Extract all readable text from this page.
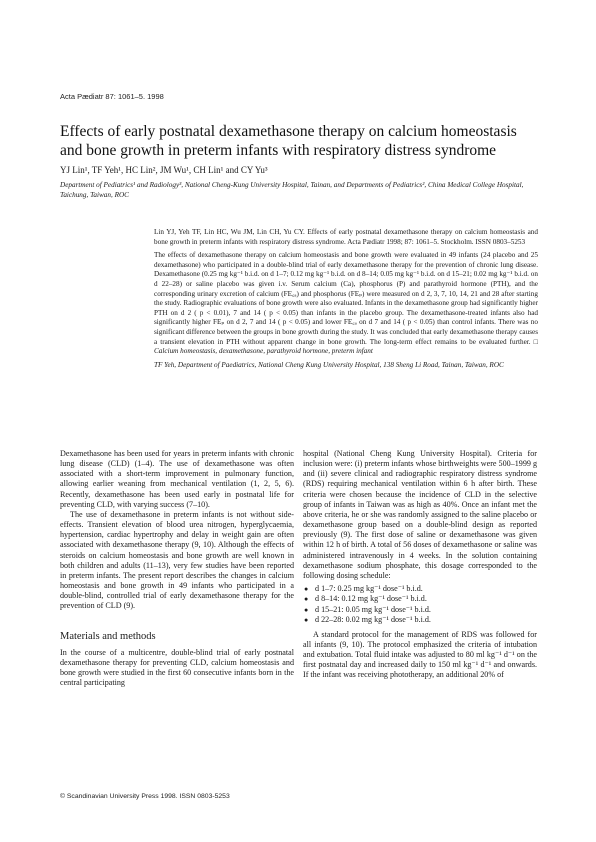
Acta Pædiatr 87: 1061–5. 1998
Effects of early postnatal dexamethasone therapy on calcium homeostasis and bone growth in preterm infants with respiratory distress syndrome
YJ Lin¹, TF Yeh¹, HC Lin², JM Wu¹, CH Lin¹ and CY Yu³
Department of Pediatrics¹ and Radiology³, National Cheng-Kung University Hospital, Tainan, and Departments of Pediatrics², China Medical College Hospital, Taichung, Taiwan, ROC

Lin YJ, Yeh TF, Lin HC, Wu JM, Lin CH, Yu CY. Effects of early postnatal dexamethasone therapy on calcium homeostasis and bone growth in preterm infants with respiratory distress syndrome. Acta Pædiatr 1998; 87: 1061–5. Stockholm. ISSN 0803–5253

The effects of dexamethasone therapy on calcium homeostasis and bone growth were evaluated in 49 infants (24 placebo and 25 dexamethasone) who participated in a double-blind trial of early dexamethasone therapy for the prevention of chronic lung disease. Dexamethasone (0.25 mg kg⁻¹ b.i.d. on d 1–7; 0.12 mg kg⁻¹ b.i.d. on d 8–14; 0.05 mg kg⁻¹ b.i.d. on d 15–21; 0.02 mg kg⁻¹ b.i.d. on d 22–28) or saline placebo was given i.v. Serum calcium (Ca), phosphorus (P) and parathyroid hormone (PTH), and the corresponding urinary excretion of calcium (FE꜀ₐ) and phosphorus (FEₚ) were measured on d 2, 3, 7, 10, 14, 21 and 28 after starting the study. Radiographic evaluations of bone growth were also evaluated. Infants in the dexamethasone group had significantly higher PTH on d 2 ( p < 0.01), 7 and 14 ( p < 0.05) than infants in the placebo group. The dexamethasone-treated infants also had significantly higher FEₚ on d 2, 7 and 14 ( p < 0.05) and lower FE꜀ₐ on d 7 and 14 ( p < 0.05) than control infants. There was no significant difference between the groups in bone growth during the study. It was concluded that early dexamethasone therapy causes a transient elevation in PTH without apparent change in bone growth. The long-term effect remains to be evaluated further. □ Calcium homeostasis, dexamethasone, parathyroid hormone, preterm infant

TF Yeh, Department of Paediatrics, National Cheng Kung University Hospital, 138 Sheng Li Road, Tainan, Taiwan, ROC

Dexamethasone has been used for years in preterm infants with chronic lung disease (CLD) (1–4). The use of dexamethasone was often associated with a short-term improvement in pulmonary function, allowing earlier weaning from mechanical ventilation (1, 2, 5, 6). Recently, dexamethasone has been used early in postnatal life for preventing CLD, with varying success (7–10).

The use of dexamethasone in preterm infants is not without side-effects. Transient elevation of blood urea nitrogen, hyperglycaemia, hypertension, cardiac hypertrophy and delay in weight gain are often associated with dexamethasone therapy (9, 10). Although the effects of steroids on calcium homeostasis and bone growth are well known in both children and adults (11–13), very few studies have been reported in preterm infants. The present report describes the changes in calcium homeostasis and bone growth in 49 infants who participated in a double-blind, controlled trial of early dexamethasone therapy for the prevention of CLD (9).

Materials and methods

In the course of a multicentre, double-blind trial of early postnatal dexamethasone therapy for preventing CLD, calcium homeostasis and bone growth were studied in the first 60 consecutive infants born in the central participating

hospital (National Cheng Kung University Hospital). Criteria for inclusion were: (i) preterm infants whose birthweights were 500–1999 g and (ii) severe clinical and radiographic respiratory distress syndrome (RDS) requiring mechanical ventilation within 6 h after birth. These criteria were chosen because the incidence of CLD in the selective group of infants in Taiwan was as high as 40%. Once an infant met the above criteria, he or she was randomly assigned to the saline placebo or dexamethasone group based on a double-blind design as reported previously (9). The first dose of saline or dexamethasone was given within 12 h of birth. A total of 56 doses of dexamethasone or saline was administered intravenously in 4 weeks. In the solution containing dexamethasone sodium phosphate, this dosage corresponded to the following dosing schedule:

● d 1–7: 0.25 mg kg⁻¹ dose⁻¹ b.i.d.
● d 8–14: 0.12 mg kg⁻¹ dose⁻¹ b.i.d.
● d 15–21: 0.05 mg kg⁻¹ dose⁻¹ b.i.d.
● d 22–28: 0.02 mg kg⁻¹ dose⁻¹ b.i.d.

A standard protocol for the management of RDS was followed for all infants (9, 10). The protocol emphasized the criteria of intubation and extubation. Total fluid intake was adjusted to 80 ml kg⁻¹ d⁻¹ on the first postnatal day and increased daily to 150 ml kg⁻¹ d⁻¹ and onwards. If the infant was receiving phototherapy, an additional 20% of

© Scandinavian University Press 1998. ISSN 0803-5253
